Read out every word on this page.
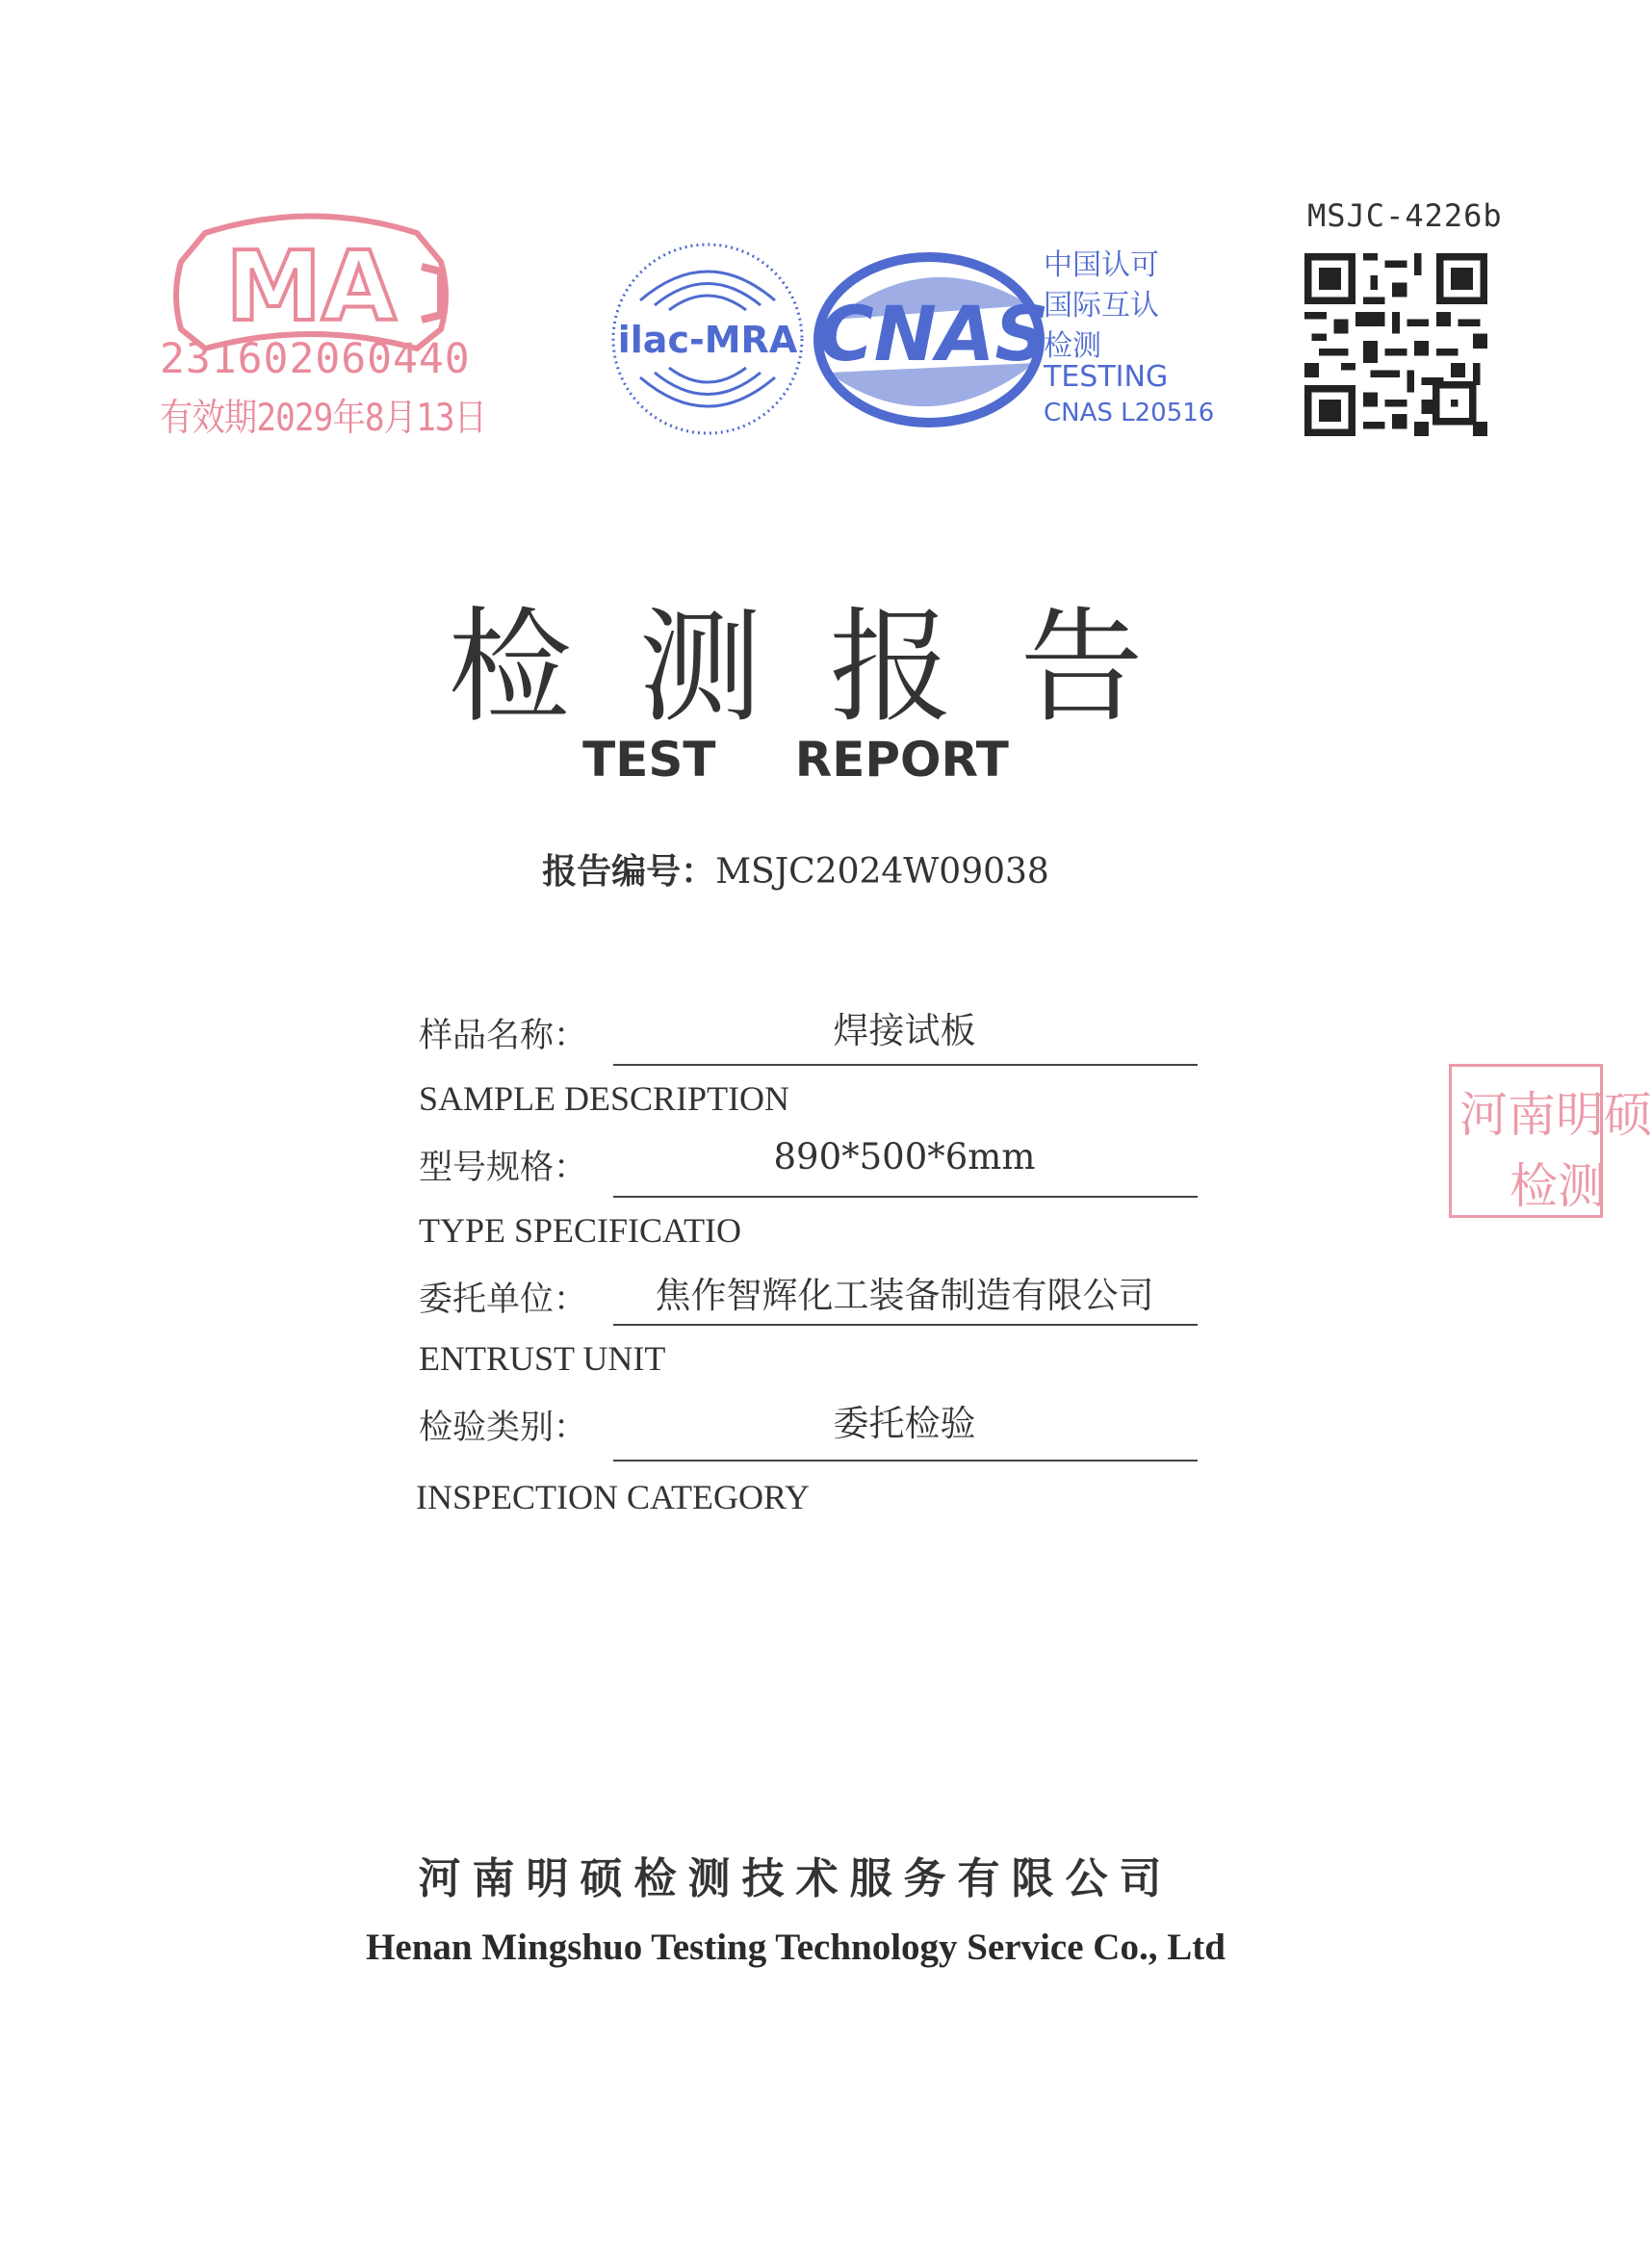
MA
231602060440
有效期2029年8月13日
ilac-MRA CNAS
中国认可
国际互认
检测
TESTING
CNAS L20516
MSJC-4226b
检测报告
TEST   REPORT
报告编号：MSJC2024W09038
样品名称：	焊接试板
SAMPLE DESCRIPTION
型号规格：	890*500*6mm
TYPE SPECIFICATIO
委托单位：	焦作智辉化工装备制造有限公司
ENTRUST UNIT
检验类别：	委托检验
INSPECTION CATEGORY
河南明硕检测技术服务有限公司
Henan Mingshuo Testing Technology Service Co., Ltd
河南明硕
检测
